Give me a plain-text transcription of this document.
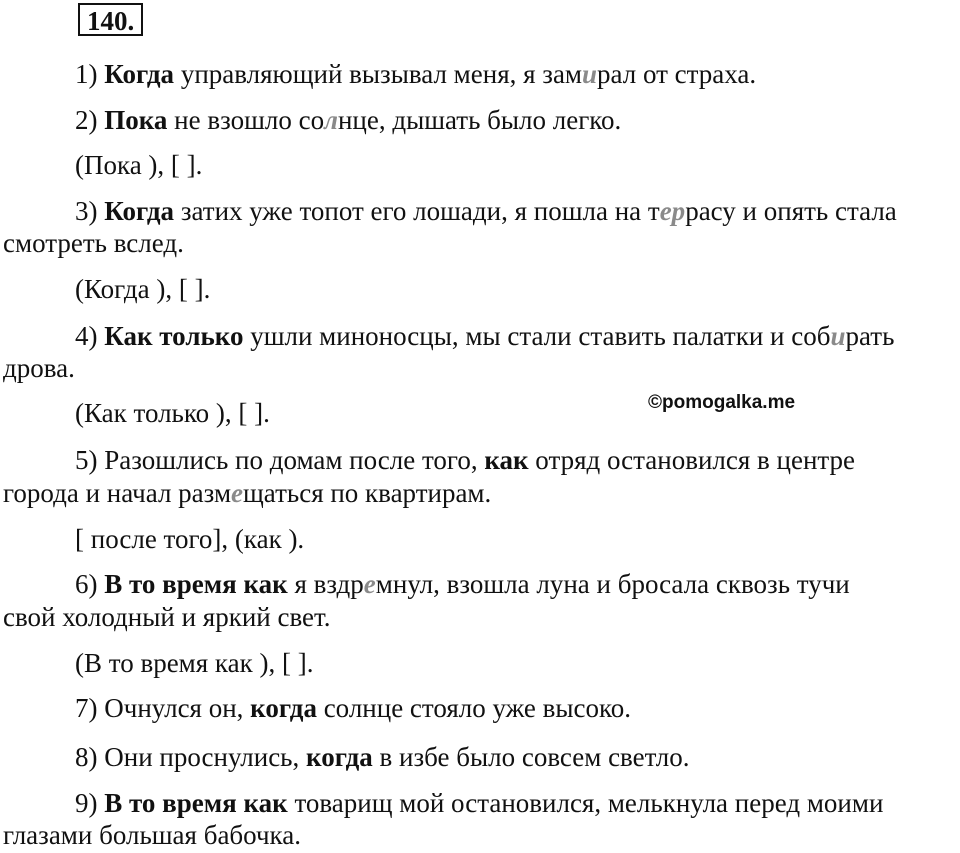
140.
1) Когда управляющий вызывал меня, я замирал от страха.
2) Пока не взошло солнце, дышать было легко.
(Пока ), [ ].
3) Когда затих уже топот его лошади, я пошла на террасу и опять стала
смотреть вслед.
(Когда ), [ ].
4) Как только ушли миноносцы, мы стали ставить палатки и собирать
дрова.
(Как только ), [ ].	©pomogalka.me
5) Разошлись по домам после того, как отряд остановился в центре
города и начал размещаться по квартирам.
[ после того], (как ).
6) В то время как я вздремнул, взошла луна и бросала сквозь тучи
свой холодный и яркий свет.
(В то время как ), [ ].
7) Очнулся он, когда солнце стояло уже высоко.
8) Они проснулись, когда в избе было совсем светло.
9) В то время как товарищ мой остановился, мелькнула перед моими
глазами большая бабочка.
